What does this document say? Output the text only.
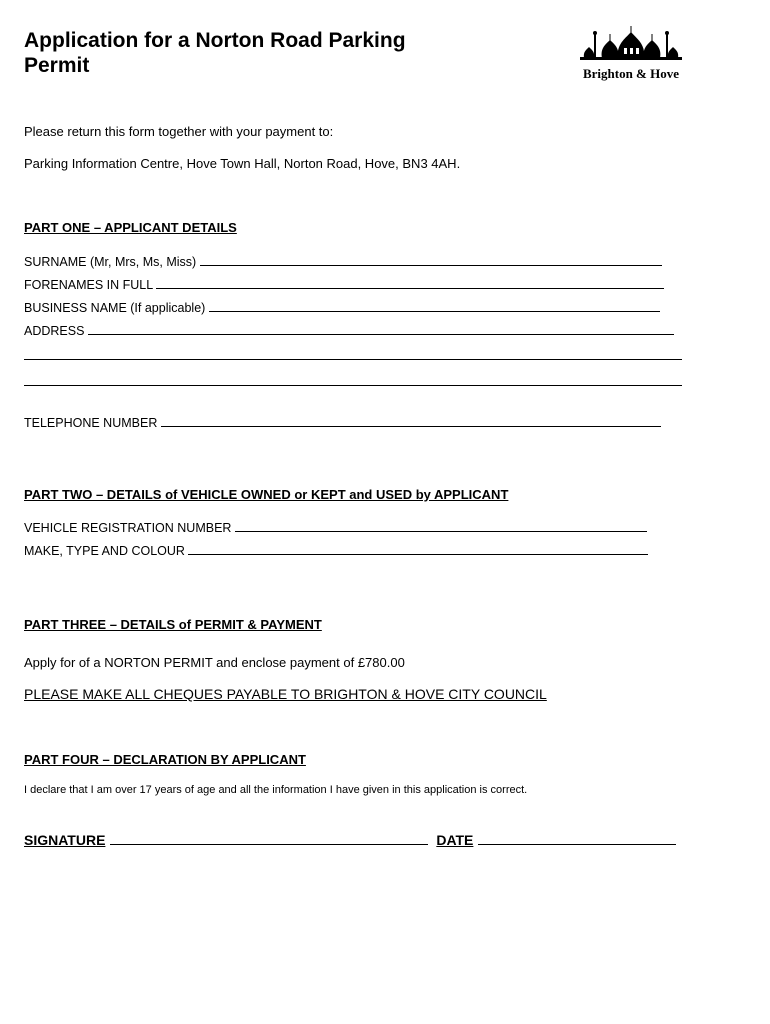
Application for a Norton Road Parking
Permit	Brighton & Hove
Please return this form together with your payment to:
Parking Information Centre, Hove Town Hall, Norton Road, Hove, BN3 4AH.
PART ONE – APPLICANT DETAILS
SURNAME (Mr, Mrs, Ms, Miss)
FORENAMES IN FULL
BUSINESS NAME (If applicable)
ADDRESS
TELEPHONE NUMBER
PART TWO – DETAILS of VEHICLE OWNED or KEPT and USED by APPLICANT
VEHICLE REGISTRATION NUMBER
MAKE, TYPE AND COLOUR
PART THREE – DETAILS of PERMIT & PAYMENT
Apply for of a NORTON PERMIT and enclose payment of £780.00
PLEASE MAKE ALL CHEQUES PAYABLE TO BRIGHTON & HOVE CITY COUNCIL
PART FOUR – DECLARATION BY APPLICANT
I declare that I am over 17 years of age and all the information I have given in this application is correct.
SIGNATURE	DATE
